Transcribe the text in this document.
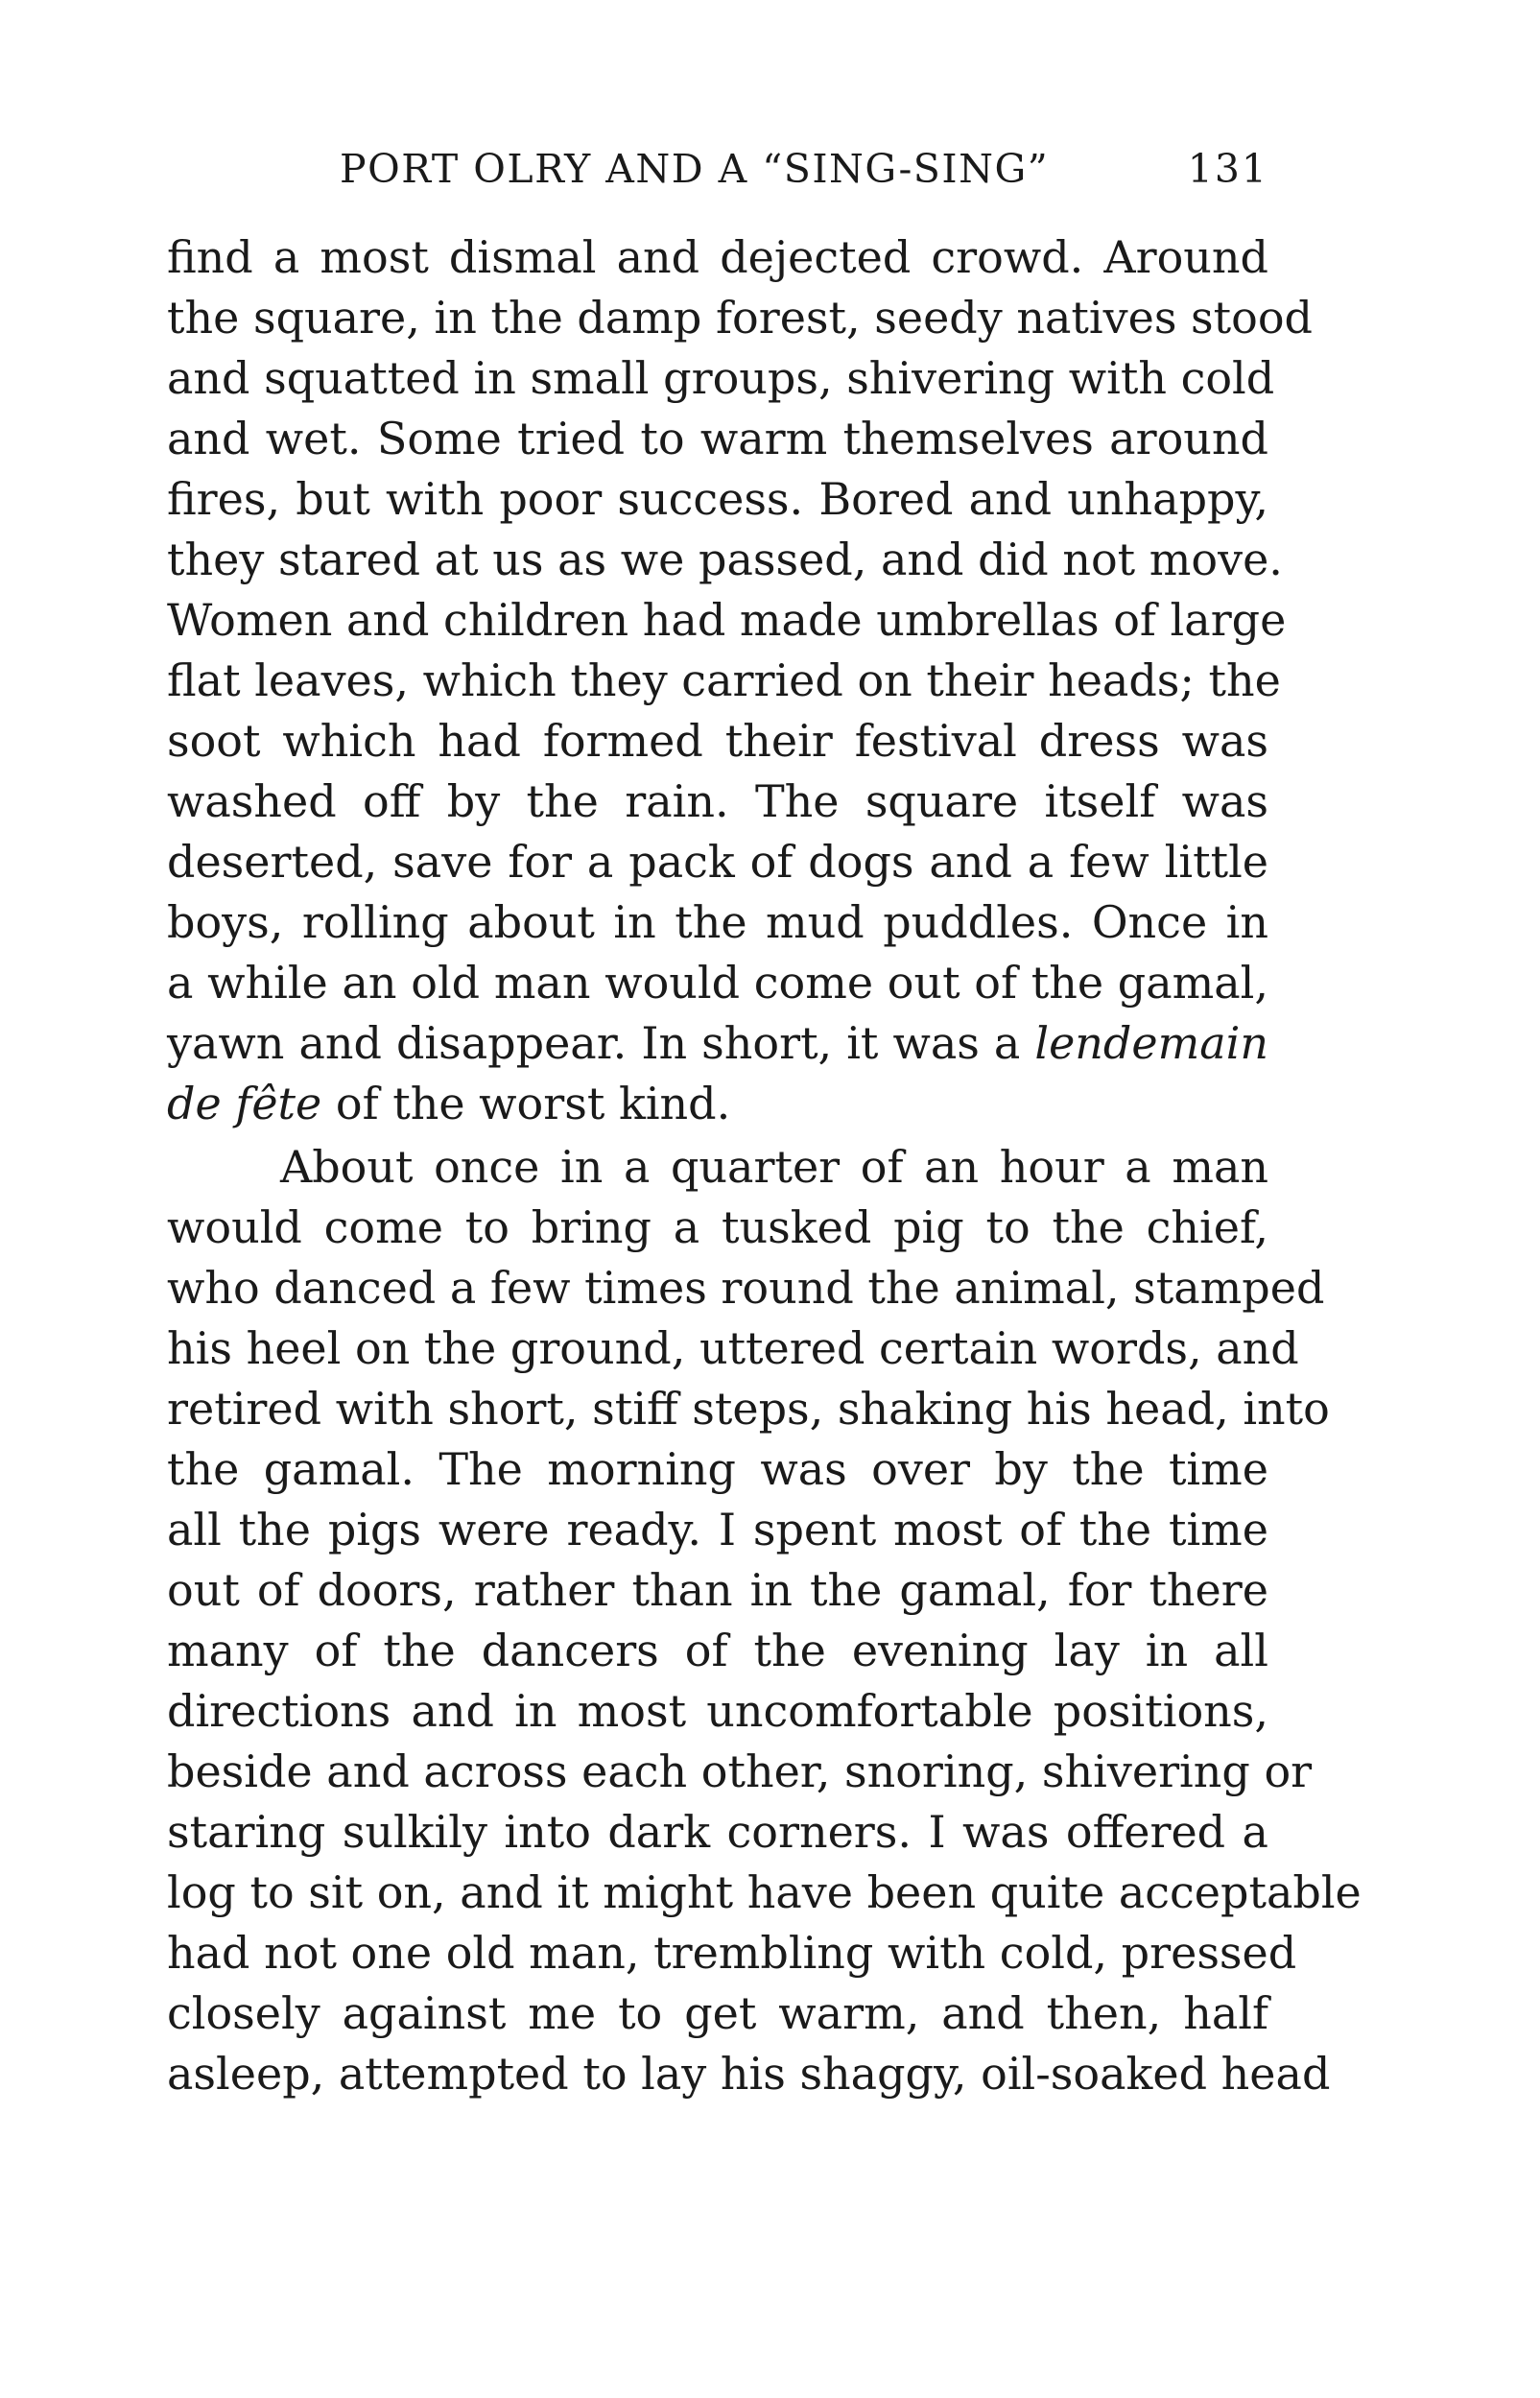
PORT OLRY AND A “SING-SING”	131
find a most dismal and dejected crowd. Around
the square, in the damp forest, seedy natives stood
and squatted in small groups, shivering with cold
and wet. Some tried to warm themselves around
fires, but with poor success. Bored and unhappy,
they stared at us as we passed, and did not move.
Women and children had made umbrellas of large
flat leaves, which they carried on their heads; the
soot which had formed their festival dress was
washed off by the rain. The square itself was
deserted, save for a pack of dogs and a few little
boys, rolling about in the mud puddles. Once in
a while an old man would come out of the gamal,
yawn and disappear. In short, it was a lendemain
de fête of the worst kind.
About once in a quarter of an hour a man
would come to bring a tusked pig to the chief,
who danced a few times round the animal, stamped
his heel on the ground, uttered certain words, and
retired with short, stiff steps, shaking his head, into
the gamal. The morning was over by the time
all the pigs were ready. I spent most of the time
out of doors, rather than in the gamal, for there
many of the dancers of the evening lay in all
directions and in most uncomfortable positions,
beside and across each other, snoring, shivering or
staring sulkily into dark corners. I was offered a
log to sit on, and it might have been quite acceptable
had not one old man, trembling with cold, pressed
closely against me to get warm, and then, half
asleep, attempted to lay his shaggy, oil-soaked head
